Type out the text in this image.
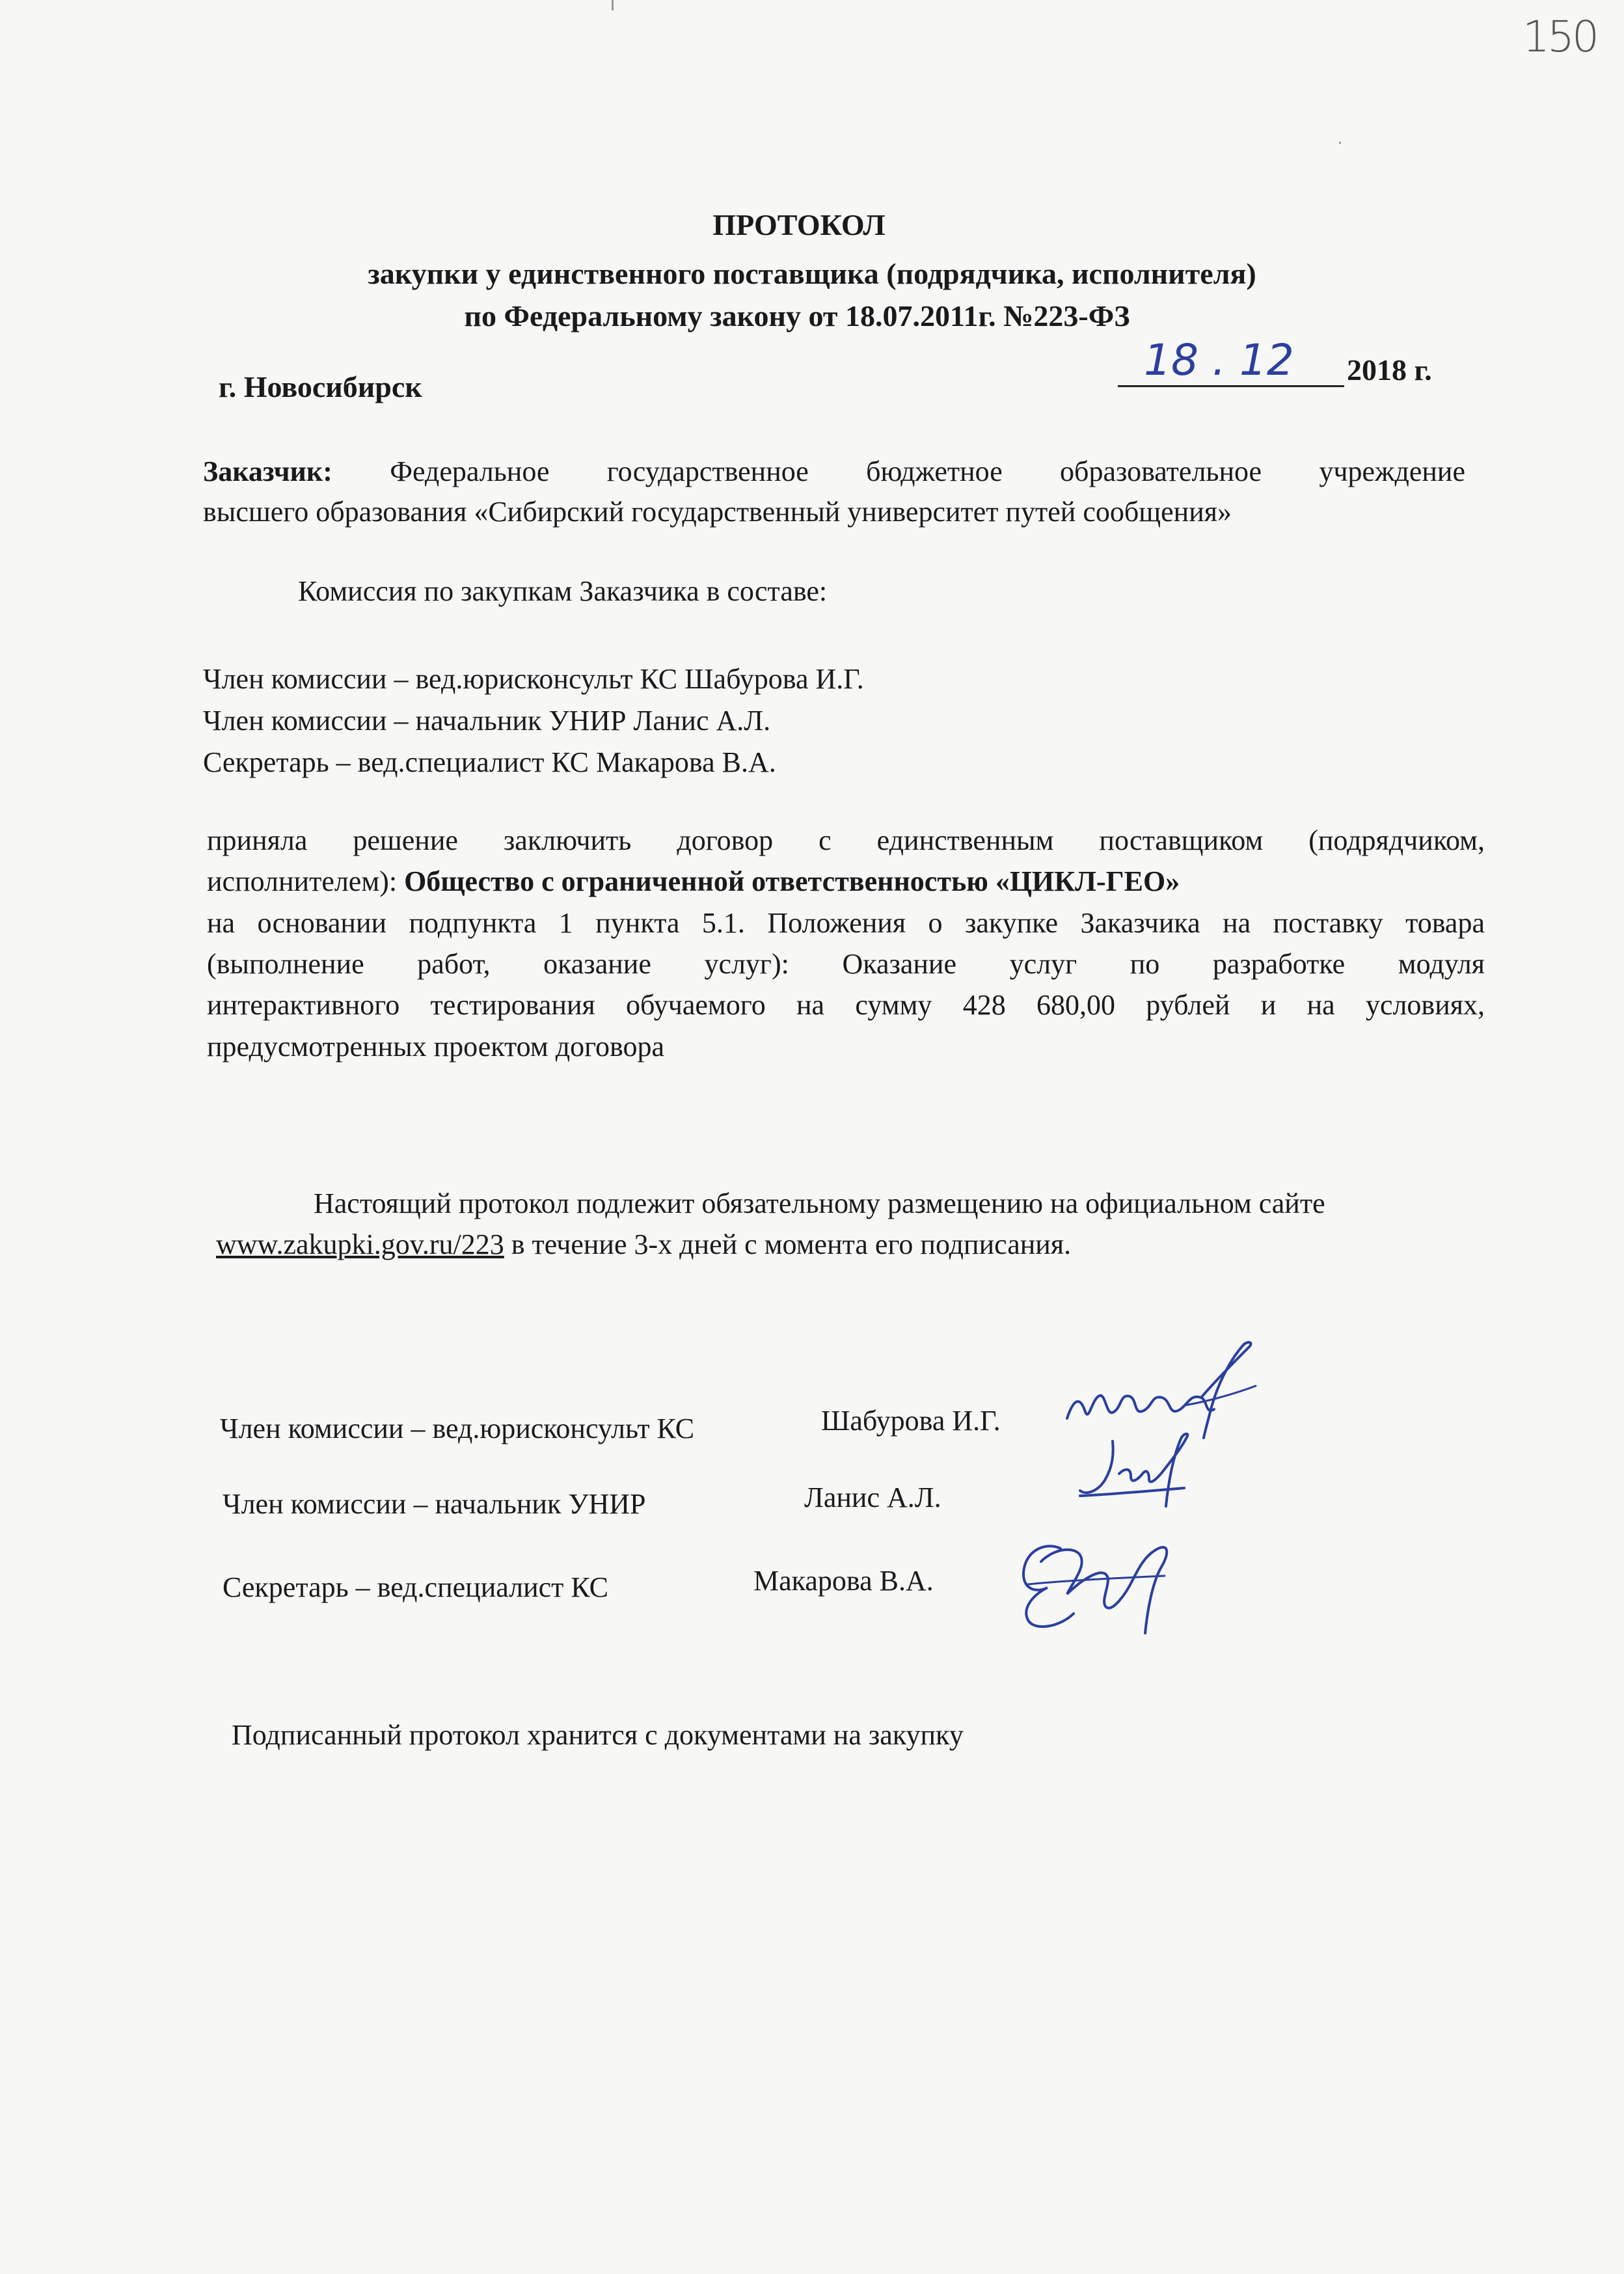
150
ПРОТОКОЛ
закупки у единственного поставщика (подрядчика, исполнителя)
по Федеральному закону от 18.07.2011г. №223-ФЗ
г. Новосибирск
18 . 12 2018 г.
Заказчик: Федеральное государственное бюджетное образовательное учреждение
высшего образования «Сибирский государственный университет путей сообщения»
Комиссия по закупкам Заказчика в составе:
Член комиссии – вед.юрисконсульт КС Шабурова И.Г.
Член комиссии – начальник УНИР Ланис А.Л.
Секретарь – вед.специалист КС Макарова В.А.
приняла решение заключить договор с единственным поставщиком (подрядчиком,
исполнителем): Общество с ограниченной ответственностью «ЦИКЛ-ГЕО»
на основании подпункта 1 пункта 5.1. Положения о закупке Заказчика на поставку товара
(выполнение работ, оказание услуг): Оказание услуг по разработке модуля
интерактивного тестирования обучаемого на сумму 428 680,00 рублей и на условиях,
предусмотренных проектом договора
Настоящий протокол подлежит обязательному размещению на официальном сайте
www.zakupki.gov.ru/223 в течение 3-х дней с момента его подписания.
Член комиссии – вед.юрисконсульт КС	Шабурова И.Г.
Член комиссии – начальник УНИР	Ланис А.Л.
Секретарь – вед.специалист КС	Макарова В.А.
Подписанный протокол хранится с документами на закупку
